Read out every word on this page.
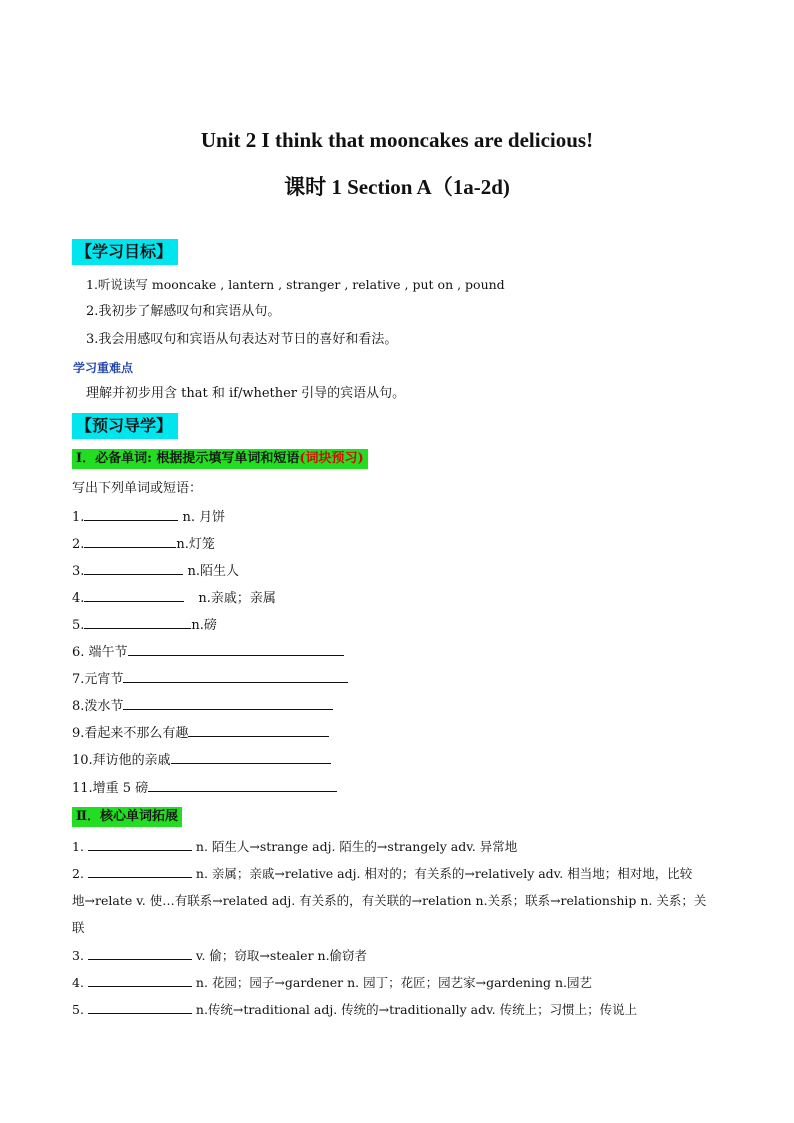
Unit 2 I think that mooncakes are delicious!
课时 1 Section A（1a-2d)
【学习目标】
1.听说读写 mooncake , lantern , stranger , relative , put on , pound
2.我初步了解感叹句和宾语从句。
3.我会用感叹句和宾语从句表达对节日的喜好和看法。
学习重难点
理解并初步用含 that 和 if/whether 引导的宾语从句。
【预习导学】
Ⅰ．必备单词: 根据提示填写单词和短语(词块预习)
写出下列单词或短语：
1.	n. 月饼
2.	n.灯笼
3.	n.陌生人
4.	n.亲戚；亲属
5.	n.磅
6. 端午节
7.元宵节
8.泼水节
9.看起来不那么有趣
10.拜访他的亲戚
11.增重 5 磅
Ⅱ．核心单词拓展
1.	n. 陌生人→strange adj. 陌生的→strangely adv. 异常地
2.	n. 亲属；亲戚→relative adj. 相对的；有关系的→relatively adv. 相当地；相对地，比较
地→relate v. 使…有联系→related adj. 有关系的，有关联的→relation n.关系；联系→relationship n. 关系；关
联
3.	v. 偷；窃取→stealer n.偷窃者
4.	n. 花园；园子→gardener n. 园丁；花匠；园艺家→gardening n.园艺
5.	n.传统→traditional adj. 传统的→traditionally adv. 传统上；习惯上；传说上
